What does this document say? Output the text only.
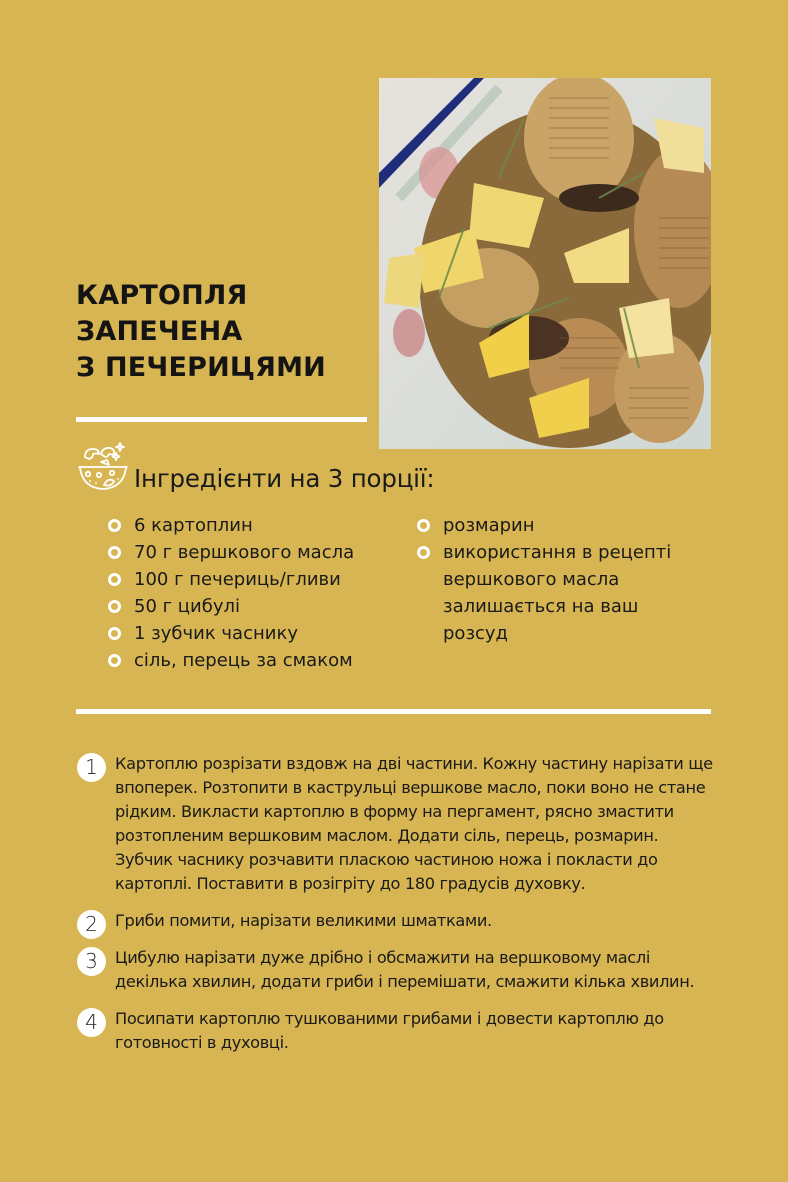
КАРТОПЛЯ
ЗАПЕЧЕНА
З ПЕЧЕРИЦЯМИ
Інгредієнти на 3 порції:
6 картоплин
70 г вершкового масла
100 г печериць/гливи
50 г цибулі
1 зубчик часнику
сіль, перець за смаком
розмарин
використання в рецепті вершкового масла залишається на ваш розсуд
1	Картоплю розрізати вздовж на дві частини. Кожну частину нарізати ще впоперек. Розтопити в каструльці вершкове масло, поки воно не стане рідким. Викласти картоплю в форму на пергамент, рясно змастити розтопленим вершковим маслом. Додати сіль, перець, розмарин. Зубчик часнику розчавити пласкою частиною ножа і покласти до картоплі. Поставити в розігріту до 180 градусів духовку.

2	Гриби помити, нарізати великими шматками.

3	Цибулю нарізати дуже дрібно і обсмажити на вершковому маслі декілька хвилин, додати гриби і перемішати, смажити кілька хвилин.

4	Посипати картоплю тушкованими грибами і довести картоплю до готовності в духовці.
